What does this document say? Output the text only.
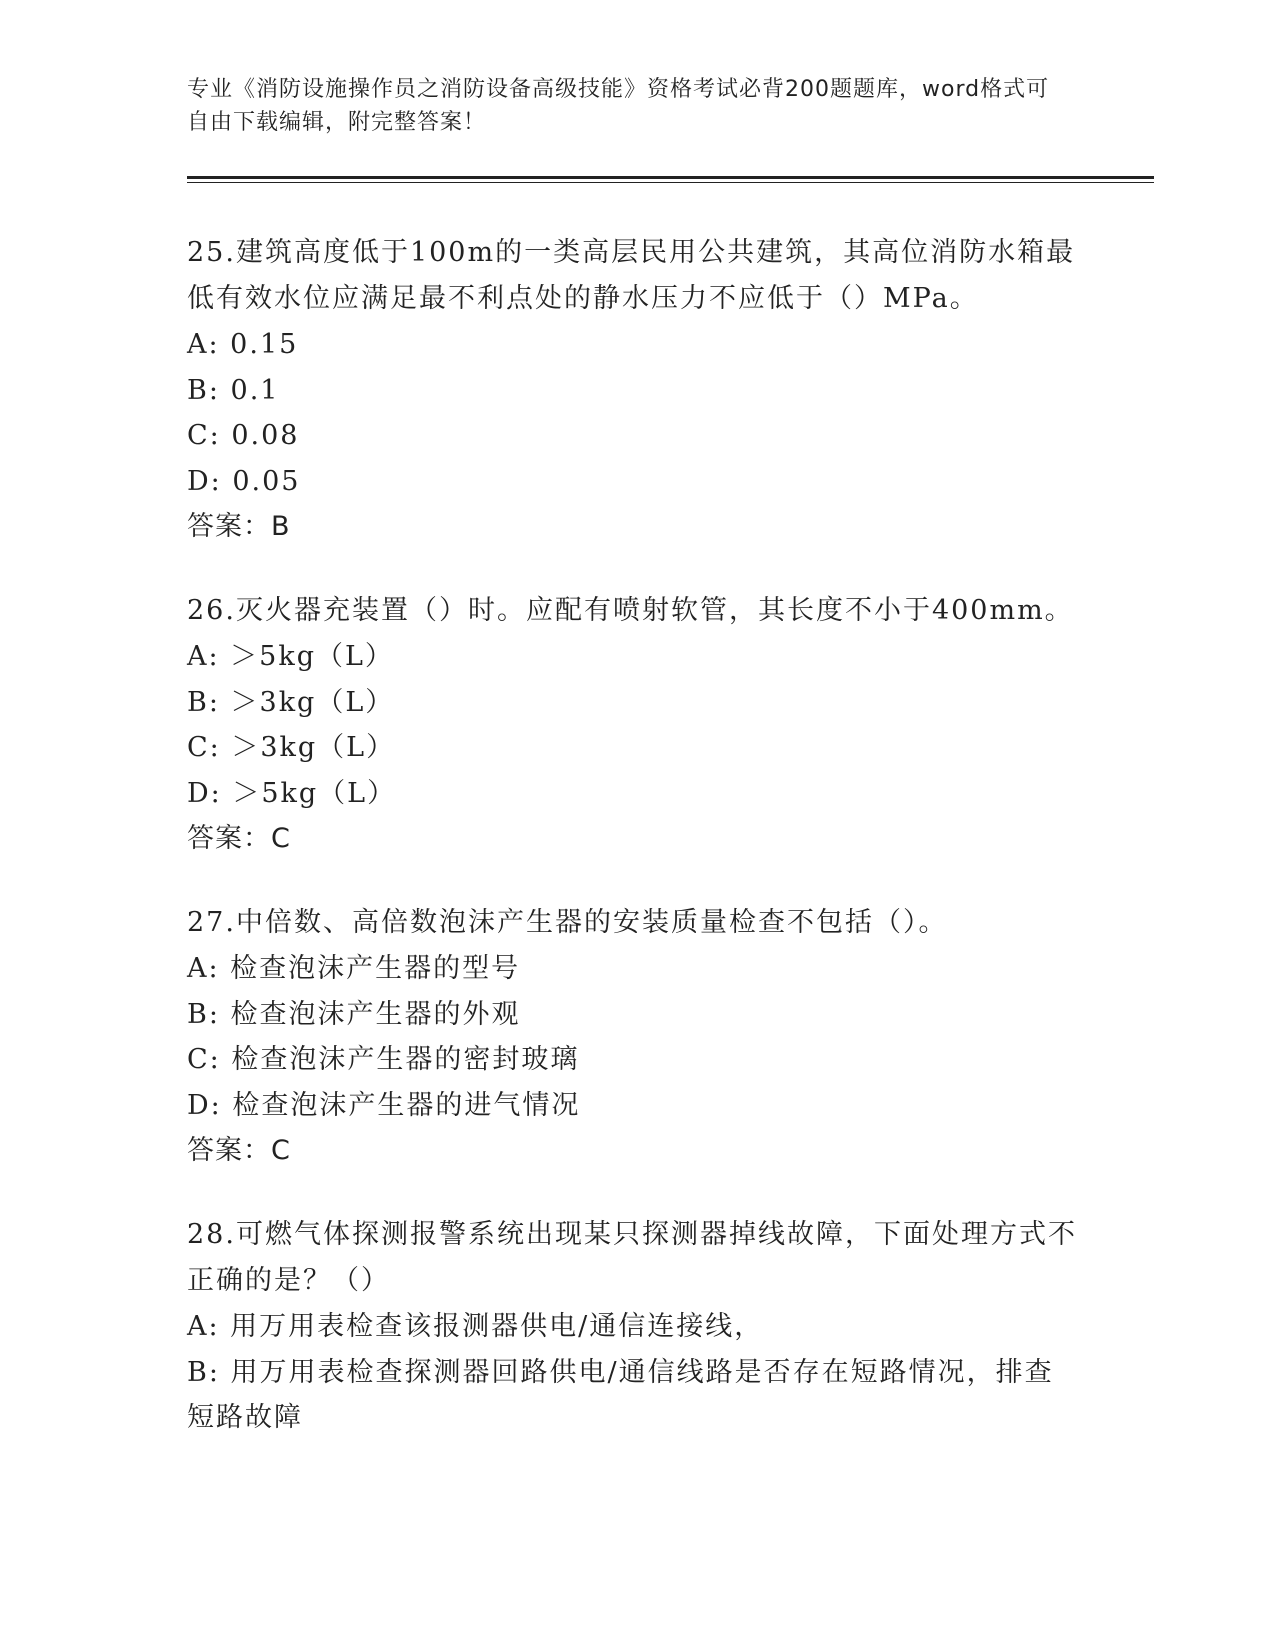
专业《消防设施操作员之消防设备高级技能》资格考试必背200题题库，word格式可自由下载编辑，附完整答案！

25.建筑高度低于100m的一类高层民用公共建筑，其高位消防水箱最低有效水位应满足最不利点处的静水压力不应低于（）MPa。

A: 0.15

B: 0.1

C: 0.08

D: 0.05

答案：B

26.灭火器充装置（）时。应配有喷射软管，其长度不小于400mm。

A: ＞5kg（L）

B: ＞3kg（L）

C: ＞3kg（L）

D: ＞5kg（L）

答案：C

27.中倍数、高倍数泡沫产生器的安装质量检查不包括（）。

A: 检查泡沫产生器的型号

B: 检查泡沫产生器的外观

C: 检查泡沫产生器的密封玻璃

D: 检查泡沫产生器的进气情况

答案：C

28.可燃气体探测报警系统出现某只探测器掉线故障，下面处理方式不正确的是？（）

A: 用万用表检查该报测器供电/通信连接线，

B: 用万用表检查探测器回路供电/通信线路是否存在短路情况，排查短路故障
